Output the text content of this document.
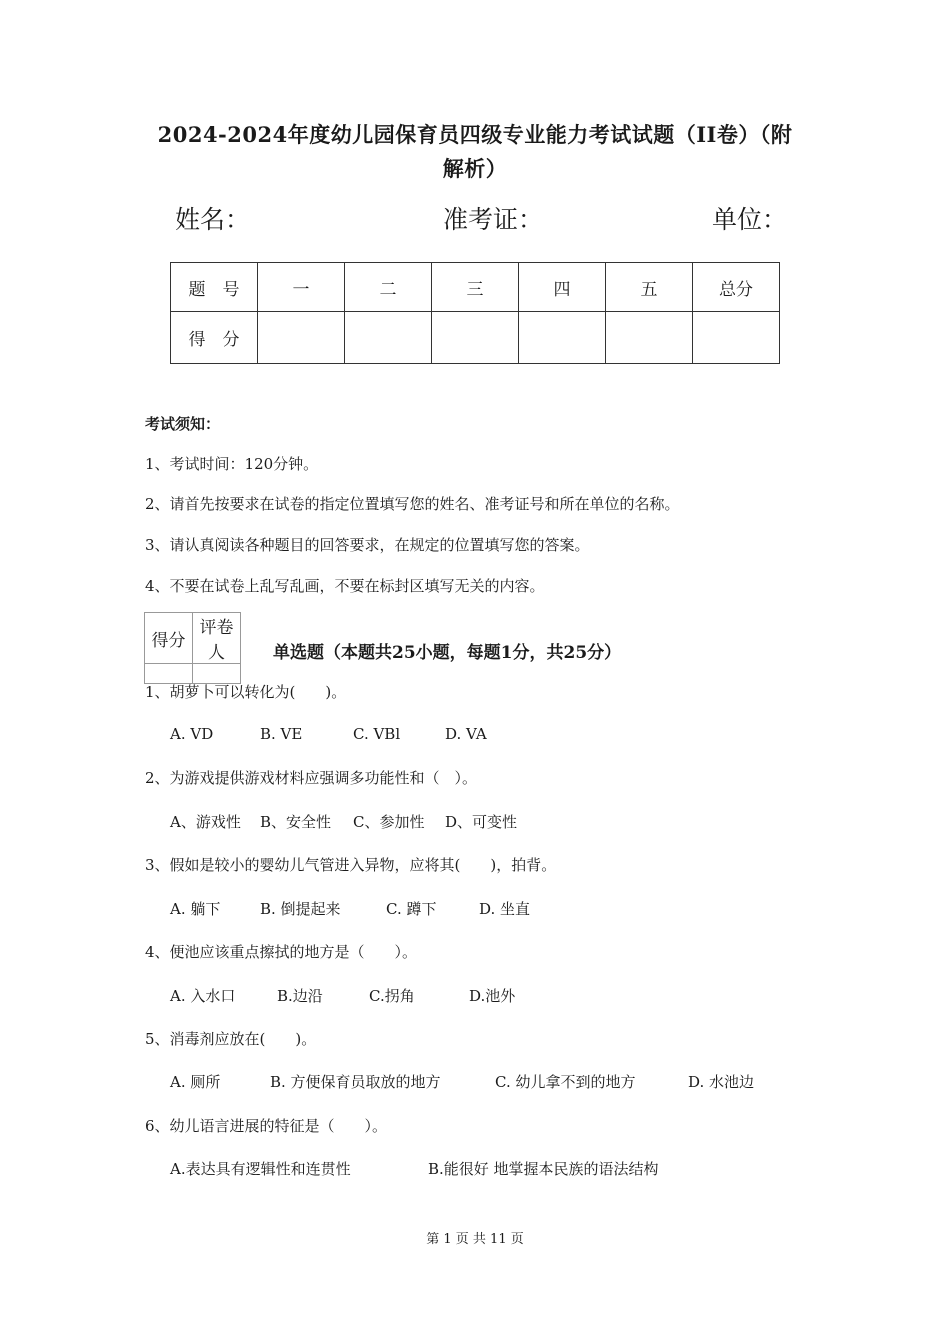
2024-2024年度幼儿园保育员四级专业能力考试试题（II卷）（附
解析）
姓名：	准考证：	单位：
题　号	一	二	三	四	五	总分
得　分						
考试须知：
1、考试时间：120分钟。
2、请首先按要求在试卷的指定位置填写您的姓名、准考证号和所在单位的名称。
3、请认真阅读各种题目的回答要求，在规定的位置填写您的答案。
4、不要在试卷上乱写乱画，不要在标封区填写无关的内容。
得分	评卷人
		单选题（本题共25小题，每题1分，共25分）
1、胡萝卜可以转化为(　　)。
A. VD	B. VE	C. VBl	D. VA
2、为游戏提供游戏材料应强调多功能性和（　）。
A、游戏性 B、安全性 C、参加性 D、可变性
3、假如是较小的婴幼儿气管进入异物，应将其(　　)，拍背。
A. 躺下	B. 倒提起来	C. 蹲下	D. 坐直
4、便池应该重点擦拭的地方是（　　）。
A. 入水口	B.边沿	C.拐角	D.池外
5、消毒剂应放在(　　)。
A. 厕所	B. 方便保育员取放的地方	C. 幼儿拿不到的地方	D. 水池边
6、幼儿语言进展的特征是（　　）。
A.表达具有逻辑性和连贯性	B.能很好 地掌握本民族的语法结构
第 1 页 共 11 页
